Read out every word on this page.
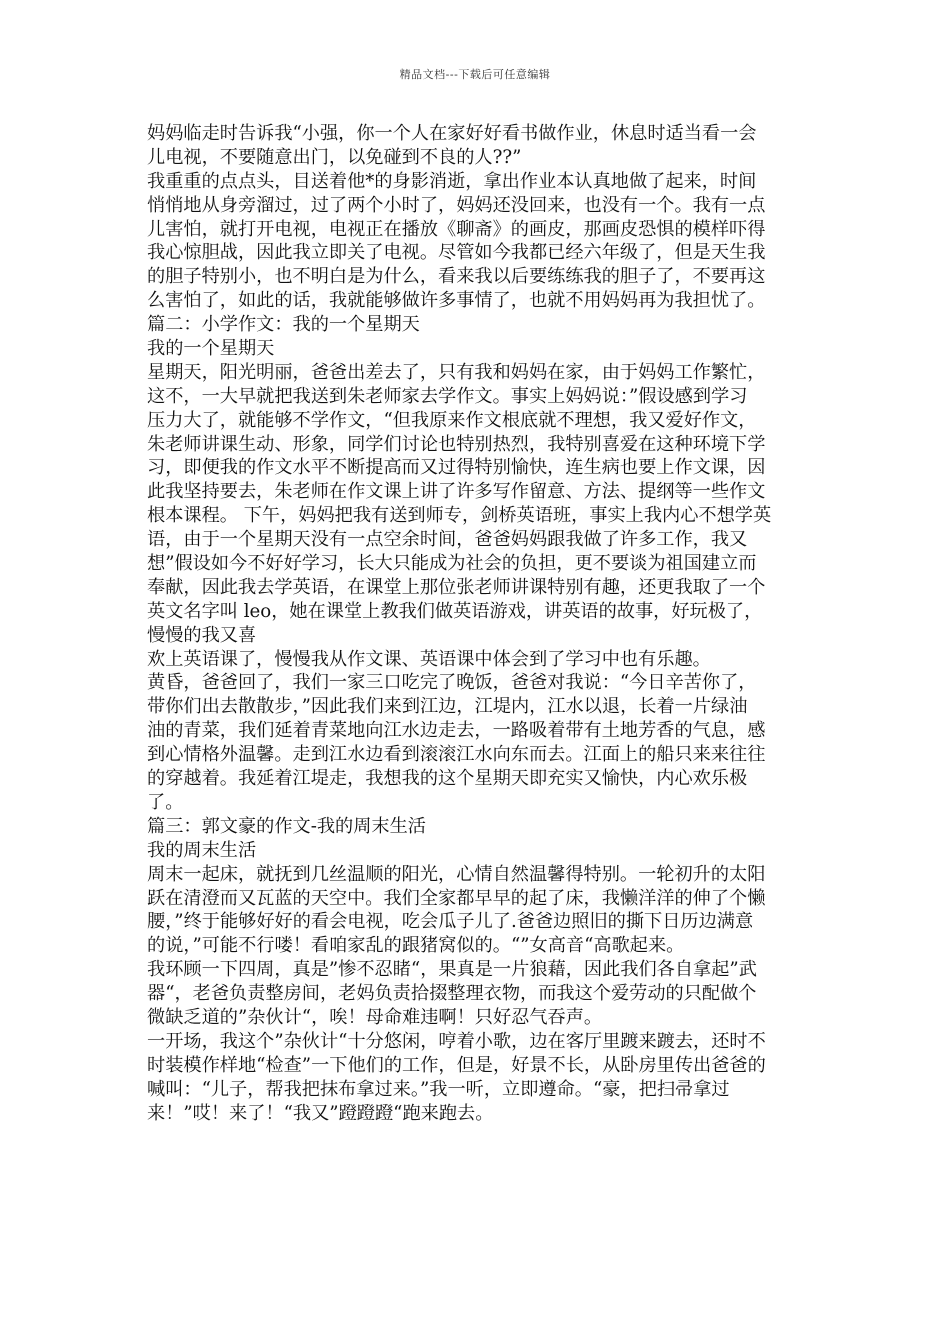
精品文档---下载后可任意编辑
妈妈临走时告诉我“小强，你一个人在家好好看书做作业，休息时适当看一会
儿电视，不要随意出门，以免碰到不良的人??”
我重重的点点头，目送着他*的身影消逝，拿出作业本认真地做了起来，时间
悄悄地从身旁溜过，过了两个小时了，妈妈还没回来，也没有一个。我有一点
儿害怕，就打开电视，电视正在播放《聊斋》的画皮，那画皮恐惧的模样吓得
我心惊胆战，因此我立即关了电视。尽管如今我都已经六年级了，但是天生我
的胆子特别小，也不明白是为什么，看来我以后要练练我的胆子了，不要再这
么害怕了，如此的话，我就能够做许多事情了，也就不用妈妈再为我担忧了。
篇二：小学作文：我的一个星期天
我的一个星期天
星期天，阳光明丽，爸爸出差去了，只有我和妈妈在家，由于妈妈工作繁忙，
这不，一大早就把我送到朱老师家去学作文。事实上妈妈说：”假设感到学习
压力大了，就能够不学作文，“但我原来作文根底就不理想，我又爱好作文，
朱老师讲课生动、形象，同学们讨论也特别热烈，我特别喜爱在这种环境下学
习，即便我的作文水平不断提高而又过得特别愉快，连生病也要上作文课，因
此我坚持要去，朱老师在作文课上讲了许多写作留意、方法、提纲等一些作文
根本课程。 下午，妈妈把我有送到师专，剑桥英语班，事实上我内心不想学英
语，由于一个星期天没有一点空余时间，爸爸妈妈跟我做了许多工作，我又
想”假设如今不好好学习，长大只能成为社会的负担，更不要谈为祖国建立而
奉献，因此我去学英语，在课堂上那位张老师讲课特别有趣，还更我取了一个
英文名字叫 leo，她在课堂上教我们做英语游戏，讲英语的故事，好玩极了，
慢慢的我又喜
欢上英语课了，慢慢我从作文课、英语课中体会到了学习中也有乐趣。
黄昏，爸爸回了，我们一家三口吃完了晚饭，爸爸对我说：“今日辛苦你了，
带你们出去散散步，”因此我们来到江边，江堤内，江水以退，长着一片绿油
油的青菜，我们延着青菜地向江水边走去，一路吸着带有土地芳香的气息，感
到心情格外温馨。走到江水边看到滚滚江水向东而去。江面上的船只来来往往
的穿越着。我延着江堤走，我想我的这个星期天即充实又愉快，内心欢乐极
了。
篇三：郭文豪的作文-我的周末生活
我的周末生活
周末一起床，就抚到几丝温顺的阳光，心情自然温馨得特别。一轮初升的太阳
跃在清澄而又瓦蓝的天空中。我们全家都早早的起了床，我懒洋洋的伸了个懒
腰，”终于能够好好的看会电视，吃会瓜子儿了.爸爸边照旧的撕下日历边满意
的说，”可能不行喽！看咱家乱的跟猪窝似的。“”女高音“高歌起来。
我环顾一下四周，真是”惨不忍睹“，果真是一片狼藉，因此我们各自拿起”武
器“，老爸负责整房间，老妈负责拾掇整理衣物，而我这个爱劳动的只配做个
微缺乏道的”杂伙计“，唉！母命难违啊！只好忍气吞声。
一开场，我这个”杂伙计“十分悠闲，哼着小歌，边在客厅里踱来踱去，还时不
时装模作样地“检查”一下他们的工作，但是，好景不长，从卧房里传出爸爸的
喊叫：“儿子，帮我把抹布拿过来。”我一听，立即遵命。“豪，把扫帚拿过
来！”哎！来了！“我又”蹬蹬蹬“跑来跑去。
